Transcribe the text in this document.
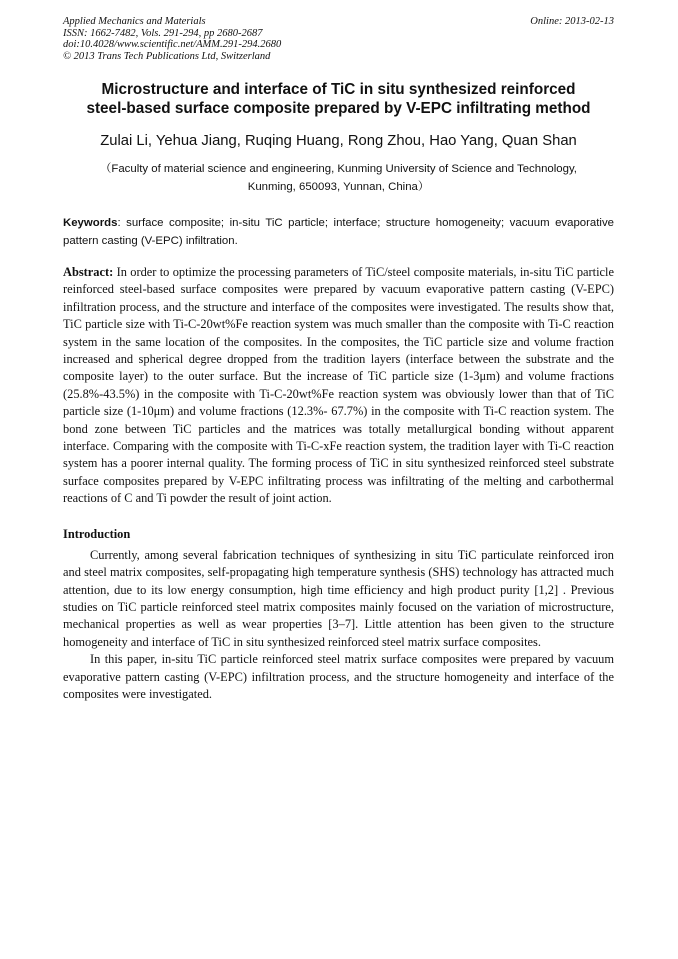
Applied Mechanics and Materials
ISSN: 1662-7482, Vols. 291-294, pp 2680-2687
doi:10.4028/www.scientific.net/AMM.291-294.2680
© 2013 Trans Tech Publications Ltd, Switzerland
Online: 2013-02-13
Microstructure and interface of TiC in situ synthesized reinforced
steel-based surface composite prepared by V-EPC infiltrating method
Zulai Li, Yehua Jiang, Ruqing Huang, Rong Zhou, Hao Yang, Quan Shan
（Faculty of material science and engineering, Kunming University of Science and Technology,
Kunming, 650093, Yunnan, China）
Keywords: surface composite; in-situ TiC particle; interface; structure homogeneity; vacuum evaporative pattern casting (V-EPC) infiltration.
Abstract: In order to optimize the processing parameters of TiC/steel composite materials, in-situ TiC particle reinforced steel-based surface composites were prepared by vacuum evaporative pattern casting (V-EPC) infiltration process, and the structure and interface of the composites were investigated. The results show that, TiC particle size with Ti-C-20wt%Fe reaction system was much smaller than the composite with Ti-C reaction system in the same location of the composites. In the composites, the TiC particle size and volume fraction increased and spherical degree dropped from the tradition layers (interface between the substrate and the composite layer) to the outer surface. But the increase of TiC particle size (1-3μm) and volume fractions (25.8%-43.5%) in the composite with Ti-C-20wt%Fe reaction system was obviously lower than that of TiC particle size (1-10μm) and volume fractions (12.3%- 67.7%) in the composite with Ti-C reaction system. The bond zone between TiC particles and the matrices was totally metallurgical bonding without apparent interface. Comparing with the composite with Ti-C-xFe reaction system, the tradition layer with Ti-C reaction system has a poorer internal quality. The forming process of TiC in situ synthesized reinforced steel substrate surface composites prepared by V-EPC infiltrating process was infiltrating of the melting and carbothermal reactions of C and Ti powder the result of joint action.
Introduction

Currently, among several fabrication techniques of synthesizing in situ TiC particulate reinforced iron and steel matrix composites, self-propagating high temperature synthesis (SHS) technology has attracted much attention, due to its low energy consumption, high time efficiency and high product purity [1,2] . Previous studies on TiC particle reinforced steel matrix composites mainly focused on the variation of microstructure, mechanical properties as well as wear properties [3–7]. Little attention has been given to the structure homogeneity and interface of TiC in situ synthesized reinforced steel matrix surface composites.

In this paper, in-situ TiC particle reinforced steel matrix surface composites were prepared by vacuum evaporative pattern casting (V-EPC) infiltration process, and the structure homogeneity and interface of the composites were investigated.
